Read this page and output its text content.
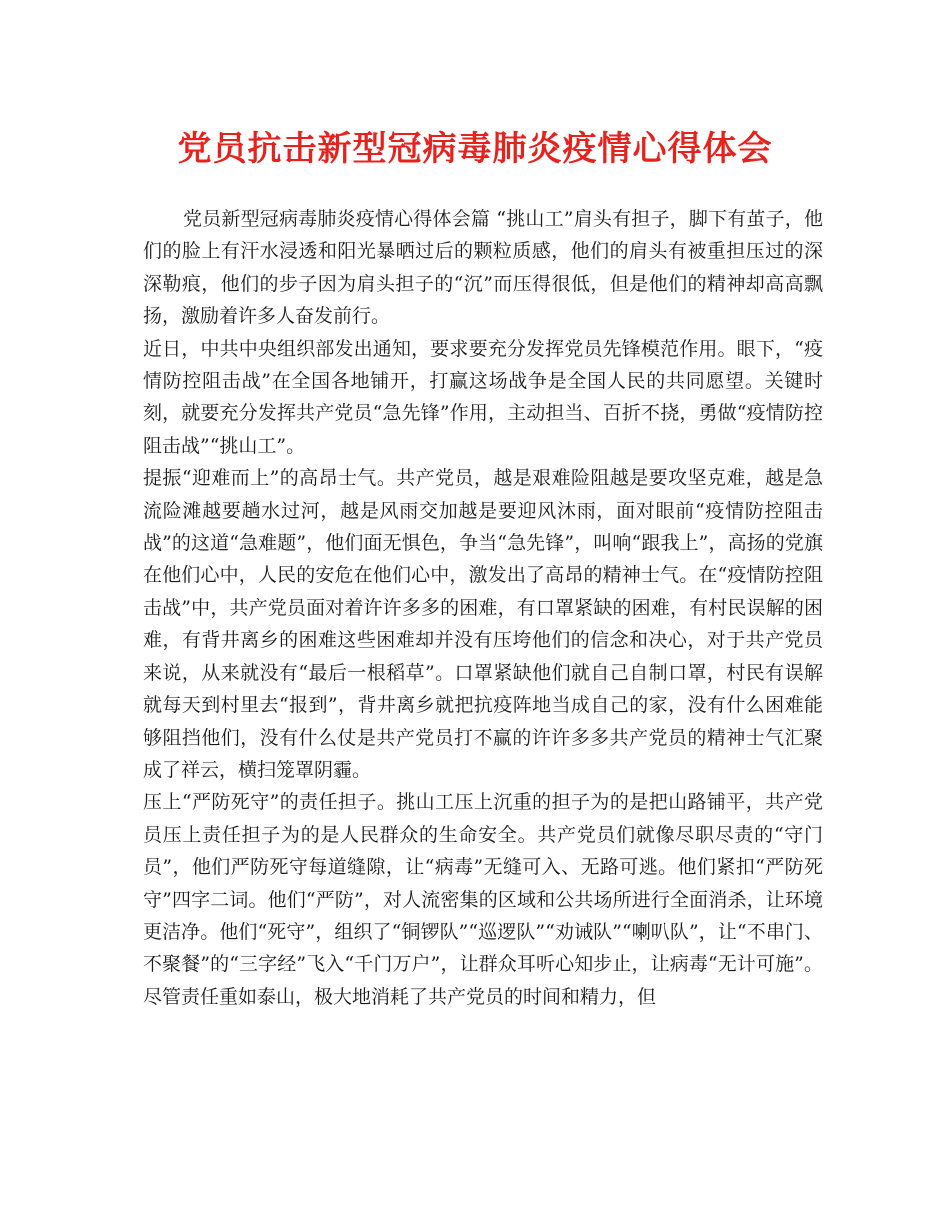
党员抗击新型冠病毒肺炎疫情心得体会

党员新型冠病毒肺炎疫情心得体会篇 “挑山工”肩头有担子，脚下有茧子，他们的脸上有汗水浸透和阳光暴晒过后的颗粒质感，他们的肩头有被重担压过的深深勒痕，他们的步子因为肩头担子的“沉”而压得很低，但是他们的精神却高高飘扬，激励着许多人奋发前行。

近日，中共中央组织部发出通知，要求要充分发挥党员先锋模范作用。眼下，“疫情防控阻击战”在全国各地铺开，打赢这场战争是全国人民的共同愿望。关键时刻，就要充分发挥共产党员“急先锋”作用，主动担当、百折不挠，勇做“疫情防控阻击战”“挑山工”。

提振“迎难而上”的高昂士气。共产党员，越是艰难险阻越是要攻坚克难，越是急流险滩越要趟水过河，越是风雨交加越是要迎风沐雨，面对眼前“疫情防控阻击战”的这道“急难题”，他们面无惧色，争当“急先锋”，叫响“跟我上”，高扬的党旗在他们心中，人民的安危在他们心中，激发出了高昂的精神士气。在“疫情防控阻击战”中，共产党员面对着许许多多的困难，有口罩紧缺的困难，有村民误解的困难，有背井离乡的困难这些困难却并没有压垮他们的信念和决心，对于共产党员来说，从来就没有“最后一根稻草”。口罩紧缺他们就自己自制口罩，村民有误解就每天到村里去“报到”，背井离乡就把抗疫阵地当成自己的家，没有什么困难能够阻挡他们，没有什么仗是共产党员打不赢的许许多多共产党员的精神士气汇聚成了祥云，横扫笼罩阴霾。

压上“严防死守”的责任担子。挑山工压上沉重的担子为的是把山路铺平，共产党员压上责任担子为的是人民群众的生命安全。共产党员们就像尽职尽责的“守门员”，他们严防死守每道缝隙，让“病毒”无缝可入、无路可逃。他们紧扣“严防死守”四字二词。他们“严防”，对人流密集的区域和公共场所进行全面消杀，让环境更洁净。他们“死守”，组织了“铜锣队”“巡逻队”“劝诫队”“喇叭队”，让“不串门、不聚餐”的“三字经”飞入“千门万户”，让群众耳听心知步止，让病毒“无计可施”。尽管责任重如泰山，极大地消耗了共产党员的时间和精力，但
